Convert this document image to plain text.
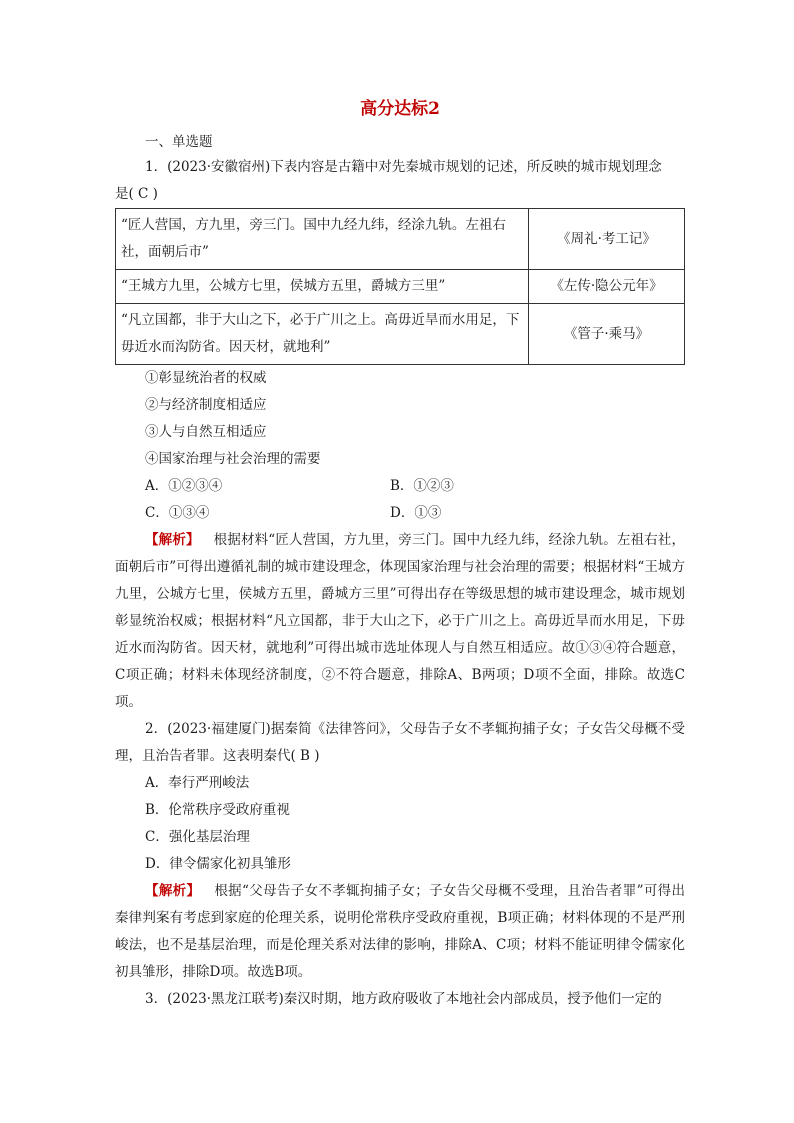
高分达标2
一、单选题

1．(2023·安徽宿州)下表内容是古籍中对先秦城市规划的记述，所反映的城市规划理念

是( C )

“匠人营国，方九里，旁三门。国中九经九纬，经涂九轨。左祖右社，面朝后市”	《周礼·考工记》
“王城方九里，公城方七里，侯城方五里，爵城方三里”	《左传·隐公元年》
“凡立国都，非于大山之下，必于广川之上。高毋近旱而水用足，下毋近水而沟防省。因天材，就地利”	《管子·乘马》
①彰显统治者的权威
②与经济制度相适应
③人与自然互相适应
④国家治理与社会治理的需要
A．①②③④	B．①②③
C．①③④	D．①③

【解析】 根据材料“匠人营国，方九里，旁三门。国中九经九纬，经涂九轨。左祖右社，面朝后市”可得出遵循礼制的城市建设理念，体现国家治理与社会治理的需要；根据材料“王城方九里，公城方七里，侯城方五里，爵城方三里”可得出存在等级思想的城市建设理念，城市规划彰显统治权威；根据材料“凡立国都，非于大山之下，必于广川之上。高毋近旱而水用足，下毋近水而沟防省。因天材，就地利”可得出城市选址体现人与自然互相适应。故①③④符合题意，C项正确；材料未体现经济制度，②不符合题意，排除A、B两项；D项不全面，排除。故选C项。

2．(2023·福建厦门)据秦简《法律答问》，父母告子女不孝辄拘捕子女；子女告父母概不受理，且治告者罪。这表明秦代( B )

A．奉行严刑峻法
B．伦常秩序受政府重视
C．强化基层治理
D．律令儒家化初具雏形

【解析】 根据“父母告子女不孝辄拘捕子女；子女告父母概不受理，且治告者罪”可得出秦律判案有考虑到家庭的伦理关系，说明伦常秩序受政府重视，B项正确；材料体现的不是严刑峻法，也不是基层治理，而是伦理关系对法律的影响，排除A、C项；材料不能证明律令儒家化初具雏形，排除D项。故选B项。

3．(2023·黑龙江联考)秦汉时期，地方政府吸收了本地社会内部成员，授予他们一定的
